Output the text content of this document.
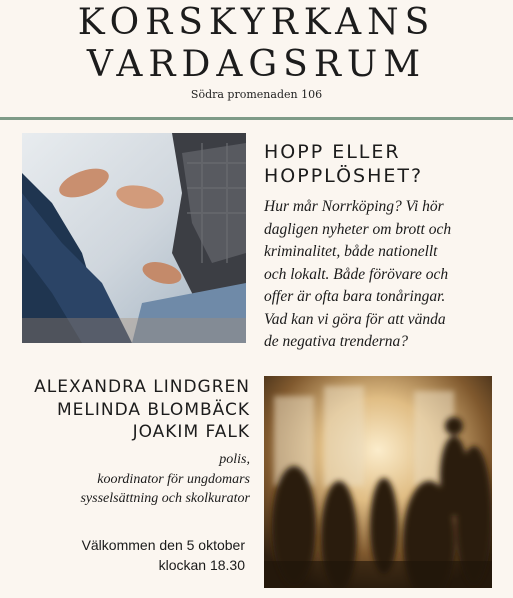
KORSKYRKANS
VARDAGSRUM
Södra promenaden 106
HOPP ELLER
HOPPLÖSHET?
Hur mår Norrköping? Vi hör
dagligen nyheter om brott och
kriminalitet, både nationellt
och lokalt. Både förövare och
offer är ofta bara tonåringar.
Vad kan vi göra för att vända
de negativa trenderna?
ALEXANDRA LINDGREN
MELINDA BLOMBÄCK
JOAKIM FALK
polis,
koordinator för ungdomars
sysselsättning och skolkurator
Välkommen den 5 oktober
klockan 18.30
